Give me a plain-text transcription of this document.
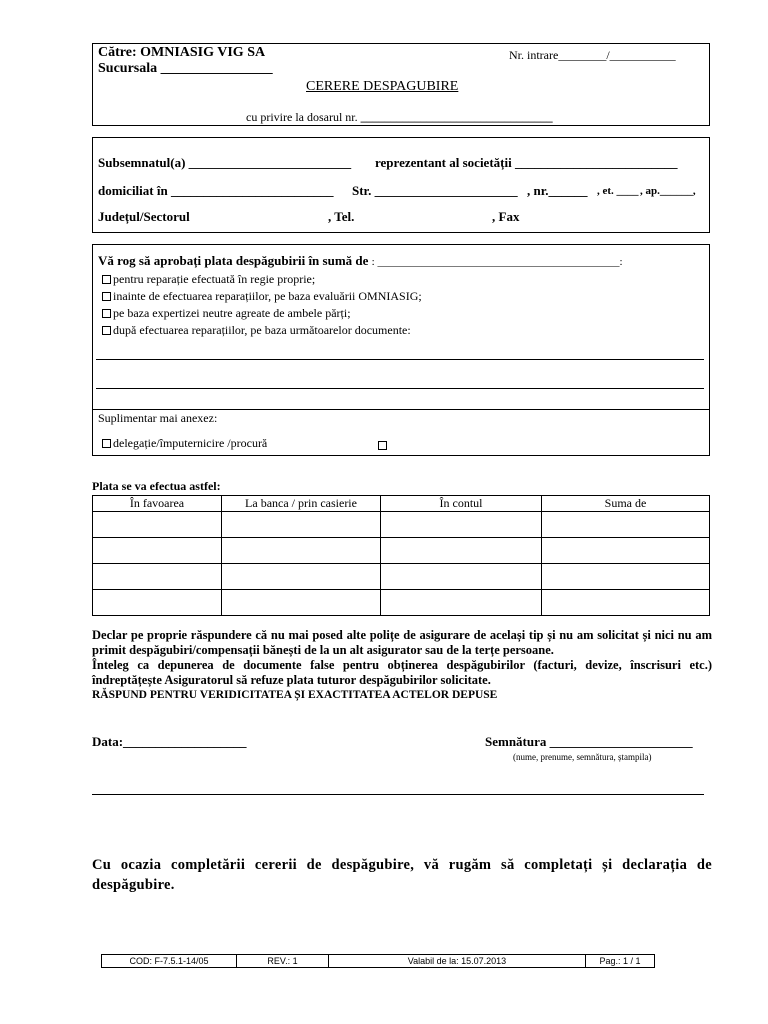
Către: OMNIASIG VIG SA	Nr. intrare________/___________
Sucursala ________________
CERERE DESPAGUBIRE
cu privire la dosarul nr. ________________________________
Subsemnatul(a) _________________________ reprezentant al societății _________________________
domiciliat în _________________________ Str. ______________________ , nr.______ , et. ____ , ap.______,
Județul/Sectorul	, Tel.	, Fax
Vă rog să aprobați plata despăgubirii în sumă de : ____________________________________________:
pentru reparație efectuată în regie proprie;
inainte de efectuarea reparațiilor, pe baza evaluării OMNIASIG;
pe baza expertizei neutre agreate de ambele părți;
după efectuarea reparațiilor, pe baza următoarelor documente:
Suplimentar mai anexez:
delegație/împuternicire /procură
Plata se va efectua astfel:
În favoarea	La banca / prin casierie	În contul	Suma de

Declar pe proprie răspundere că nu mai posed alte polițe de asigurare de același tip și nu am solicitat și nici nu am primit despăgubiri/compensații bănești de la un alt asigurator sau de la terțe persoane.
Înteleg ca depunerea de documente false pentru obținerea despăgubirilor (facturi, devize, înscrisuri etc.) îndreptățește Asiguratorul să refuze plata tuturor despăgubirilor solicitate.
RĂSPUND PENTRU VERIDICITATEA ȘI EXACTITATEA ACTELOR DEPUSE
Data:___________________	Semnătura ______________________
(nume, prenume, semnătura, ștampila)
Cu ocazia completării cererii de despăgubire, vă rugăm să completați și declarația de despăgubire.
COD: F-7.5.1-14/05	REV.: 1	Valabil de la: 15.07.2013	Pag.: 1 / 1
